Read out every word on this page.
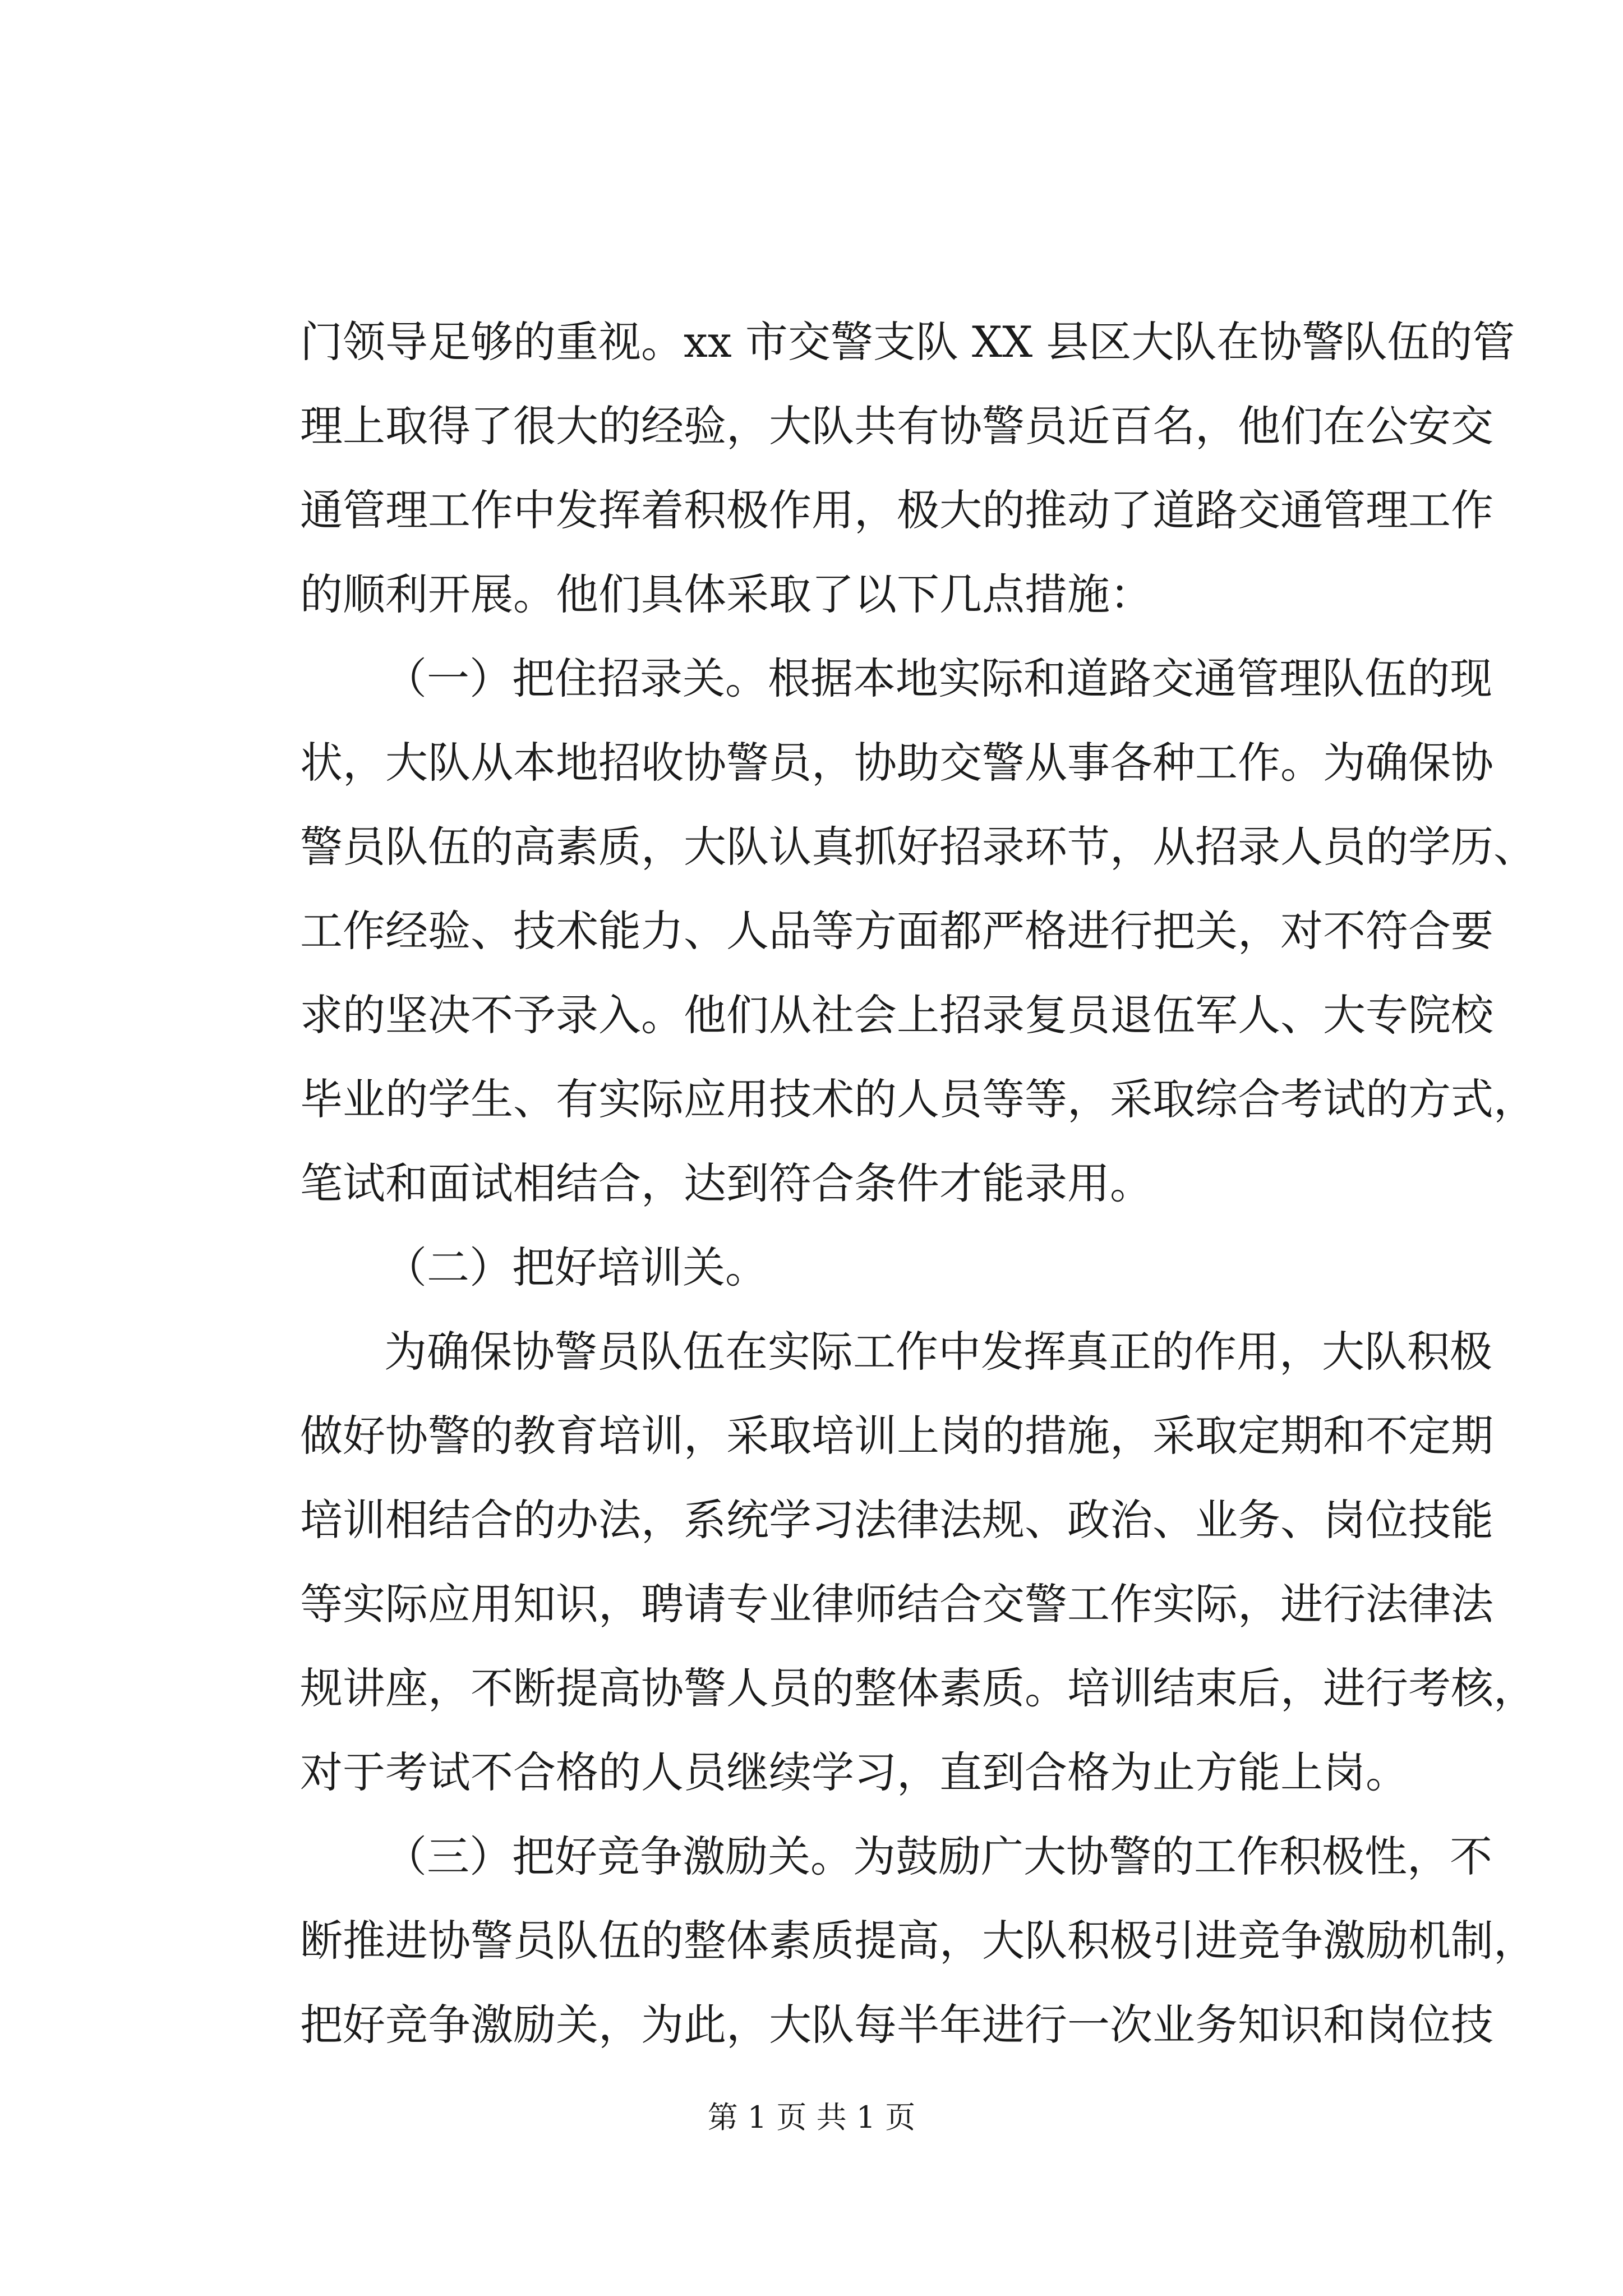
门领导足够的重视。xx 市交警支队 XX 县区大队在协警队伍的管
理上取得了很大的经验，大队共有协警员近百名，他们在公安交
通管理工作中发挥着积极作用，极大的推动了道路交通管理工作
的顺利开展。他们具体采取了以下几点措施：
（一）把住招录关。根据本地实际和道路交通管理队伍的现
状，大队从本地招收协警员，协助交警从事各种工作。为确保协
警员队伍的高素质，大队认真抓好招录环节，从招录人员的学历、
工作经验、技术能力、人品等方面都严格进行把关，对不符合要
求的坚决不予录入。他们从社会上招录复员退伍军人、大专院校
毕业的学生、有实际应用技术的人员等等，采取综合考试的方式，
笔试和面试相结合，达到符合条件才能录用。
（二）把好培训关。
为确保协警员队伍在实际工作中发挥真正的作用，大队积极
做好协警的教育培训，采取培训上岗的措施，采取定期和不定期
培训相结合的办法，系统学习法律法规、政治、业务、岗位技能
等实际应用知识，聘请专业律师结合交警工作实际，进行法律法
规讲座，不断提高协警人员的整体素质。培训结束后，进行考核，
对于考试不合格的人员继续学习，直到合格为止方能上岗。
（三）把好竞争激励关。为鼓励广大协警的工作积极性，不
断推进协警员队伍的整体素质提高，大队积极引进竞争激励机制，
把好竞争激励关，为此，大队每半年进行一次业务知识和岗位技
第 1 页 共 1 页
